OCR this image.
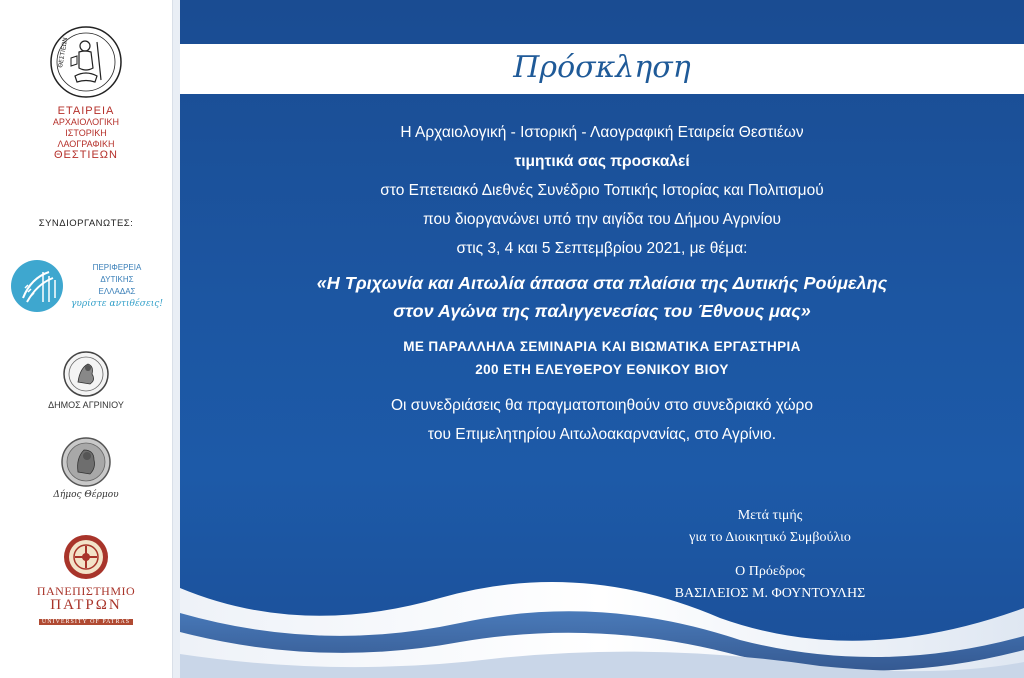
ΘΕΣΤΙΕΩΝ
ΕΤΑΙΡΕΙΑ
ΑΡΧΑΙΟΛΟΓΙΚΗ
ΙΣΤΟΡΙΚΗ
ΛΑΟΓΡΑΦΙΚΗ
ΘΕΣΤΙΕΩΝ
ΣΥΝΔΙΟΡΓΑΝΩΤΕΣ:
ΠΕΡΙΦΕΡΕΙΑ
ΔΥΤΙΚΗΣ
ΕΛΛΑΔΑΣ
γυρίστε αντιθέσεις!
ΔΗΜΟΣ ΑΓΡΙΝΙΟΥ
Δήμος Θέρμου
ΠΑΝΕΠΙΣΤΗΜΙΟ
ΠΑΤΡΩΝ
UNIVERSITY OF PATRAS
Πρόσκληση
Η Αρχαιολογική - Ιστορική - Λαογραφική Εταιρεία Θεστιέων
τιμητικά σας προσκαλεί
στο Επετειακό Διεθνές Συνέδριο Τοπικής Ιστορίας και Πολιτισμού
που διοργανώνει υπό την αιγίδα του Δήμου Αγρινίου
στις 3, 4 και 5 Σεπτεμβρίου 2021, με θέμα:
«Η Τριχωνία και Αιτωλία άπασα στα πλαίσια της Δυτικής Ρούμελης
στον Αγώνα της παλιγγενεσίας του Έθνους μας»
ΜΕ ΠΑΡΑΛΛΗΛΑ ΣΕΜΙΝΑΡΙΑ ΚΑΙ ΒΙΩΜΑΤΙΚΑ ΕΡΓΑΣΤΗΡΙΑ
200 ΕΤΗ ΕΛΕΥΘΕΡΟΥ ΕΘΝΙΚΟΥ ΒΙΟΥ
Οι συνεδριάσεις θα πραγματοποιηθούν στο συνεδριακό χώρο
του Επιμελητηρίου Αιτωλοακαρνανίας, στο Αγρίνιο.
Μετά τιμής
για το Διοικητικό Συμβούλιο
Ο Πρόεδρος
ΒΑΣΙΛΕΙΟΣ Μ. ΦΟΥΝΤΟΥΛΗΣ
